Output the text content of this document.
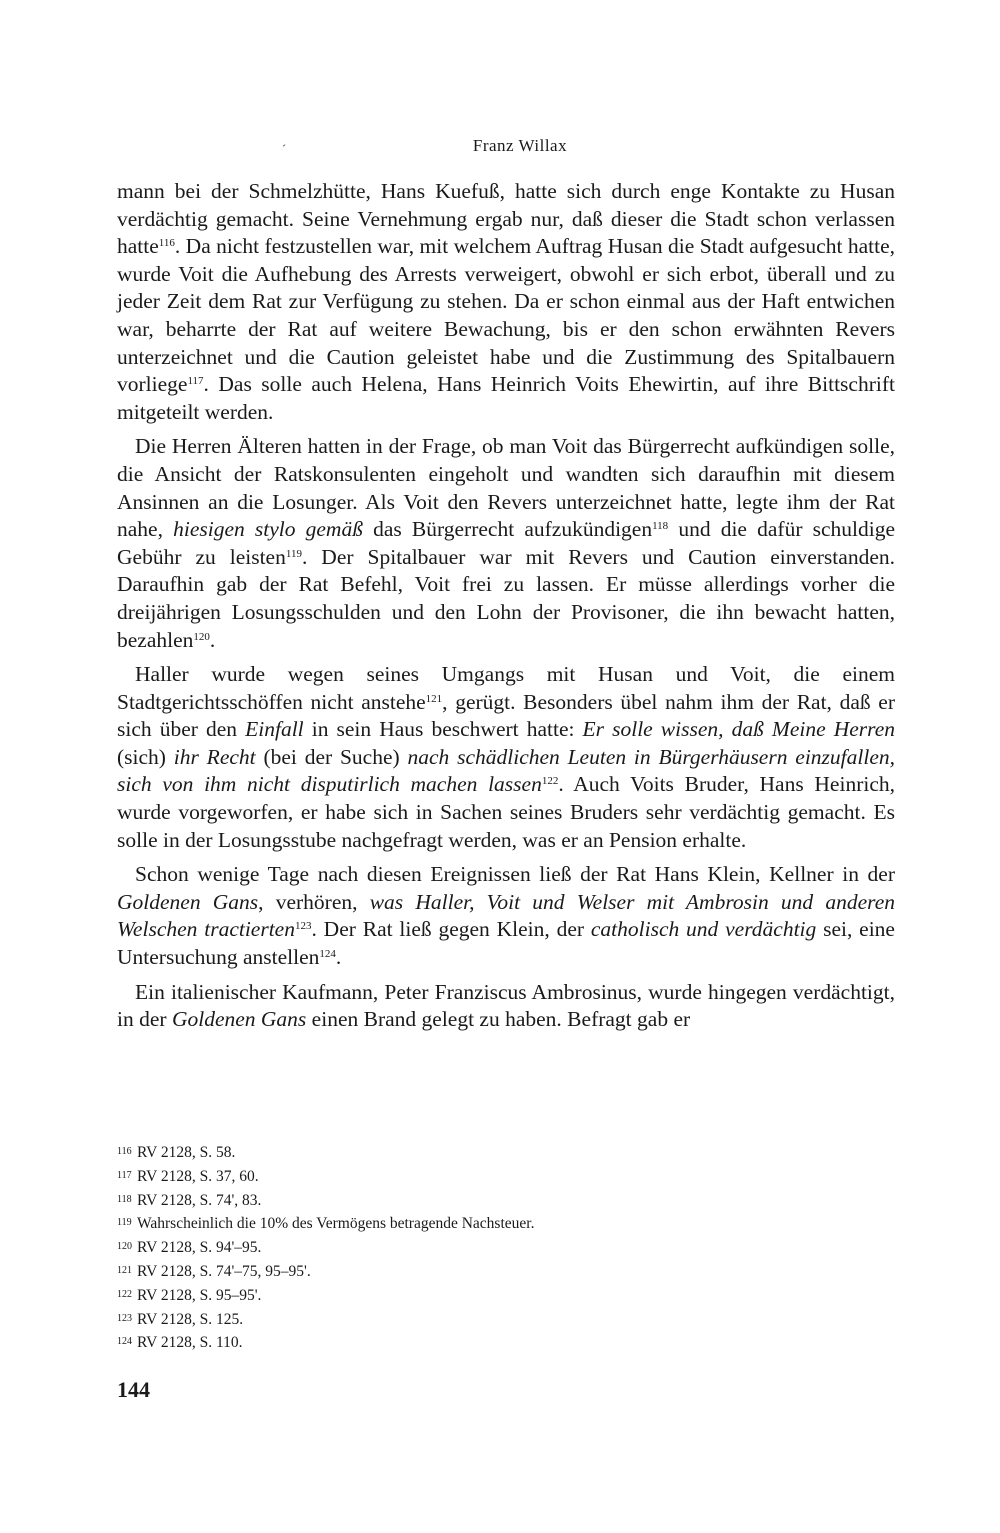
Franz Willax
´

mann bei der Schmelzhütte, Hans Kuefuß, hatte sich durch enge Kontakte zu Husan verdächtig gemacht. Seine Vernehmung ergab nur, daß dieser die Stadt schon verlassen hatte$^{116}$. Da nicht festzustellen war, mit welchem Auftrag Husan die Stadt aufgesucht hatte, wurde Voit die Aufhebung des Arrests verweigert, obwohl er sich erbot, überall und zu jeder Zeit dem Rat zur Verfügung zu stehen. Da er schon einmal aus der Haft entwichen war, beharrte der Rat auf weitere Bewachung, bis er den schon erwähnten Revers unterzeichnet und die Caution geleistet habe und die Zustimmung des Spitalbauern vorliege$^{117}$. Das solle auch Helena, Hans Heinrich Voits Ehewirtin, auf ihre Bittschrift mitgeteilt werden.

Die Herren Älteren hatten in der Frage, ob man Voit das Bürgerrecht aufkündigen solle, die Ansicht der Ratskonsulenten eingeholt und wandten sich daraufhin mit diesem Ansinnen an die Losunger. Als Voit den Revers unterzeichnet hatte, legte ihm der Rat nahe, hiesigen stylo gemäß das Bürgerrecht aufzukündigen$^{118}$ und die dafür schuldige Gebühr zu leisten$^{119}$. Der Spitalbauer war mit Revers und Caution einverstanden. Daraufhin gab der Rat Befehl, Voit frei zu lassen. Er müsse allerdings vorher die dreijährigen Losungsschulden und den Lohn der Provisoner, die ihn bewacht hatten, bezahlen$^{120}$.

Haller wurde wegen seines Umgangs mit Husan und Voit, die einem Stadtgerichtsschöffen nicht anstehe$^{121}$, gerügt. Besonders übel nahm ihm der Rat, daß er sich über den Einfall in sein Haus beschwert hatte: Er solle wissen, daß Meine Herren (sich) ihr Recht (bei der Suche) nach schädlichen Leuten in Bürgerhäusern einzufallen, sich von ihm nicht disputirlich machen lassen$^{122}$. Auch Voits Bruder, Hans Heinrich, wurde vorgeworfen, er habe sich in Sachen seines Bruders sehr verdächtig gemacht. Es solle in der Losungsstube nachgefragt werden, was er an Pension erhalte.

Schon wenige Tage nach diesen Ereignissen ließ der Rat Hans Klein, Kellner in der Goldenen Gans, verhören, was Haller, Voit und Welser mit Ambrosin und anderen Welschen tractierten$^{123}$. Der Rat ließ gegen Klein, der catholisch und verdächtig sei, eine Untersuchung anstellen$^{124}$.

Ein italienischer Kaufmann, Peter Franziscus Ambrosinus, wurde hingegen verdächtigt, in der Goldenen Gans einen Brand gelegt zu haben. Befragt gab er

116 RV 2128, S. 58.
117 RV 2128, S. 37, 60.
118 RV 2128, S. 74', 83.
119 Wahrscheinlich die 10% des Vermögens betragende Nachsteuer.
120 RV 2128, S. 94'–95.
121 RV 2128, S. 74'–75, 95–95'.
122 RV 2128, S. 95–95'.
123 RV 2128, S. 125.
124 RV 2128, S. 110.
144
